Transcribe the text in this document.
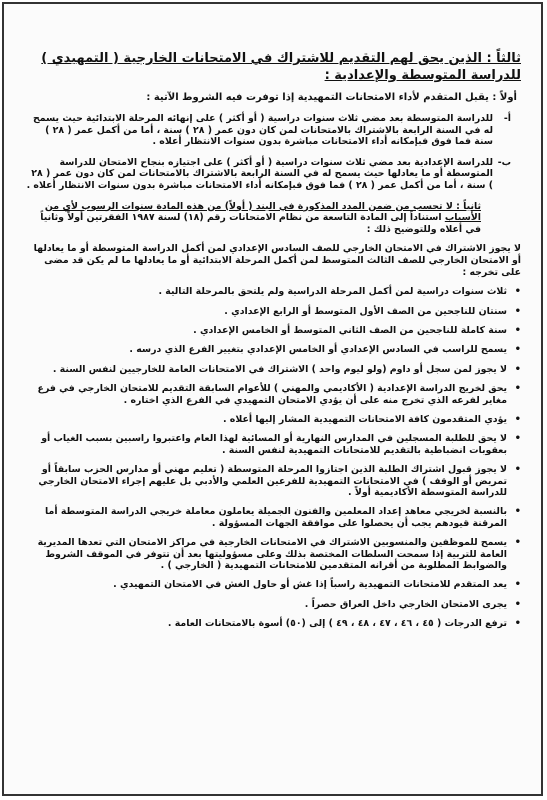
ثالثاً : الذين يحق لهم التقديم للاشتراك في الامتحانات الخارجية ( التمهيدي ) للدراسة المتوسطة والإعدادية :
أولاً : يقبل المتقدم لأداء الامتحانات التمهيدية إذا توفرت فيه الشروط الآتية :
أ-
للدراسة المتوسطة بعد مضي ثلاث سنوات دراسية ( أو أكثر ) على إنهائه المرحلة الابتدائية حيث يسمح له في السنة الرابعة بالاشتراك بالامتحانات لمن كان دون عمر ( ٢٨ ) سنة ، أما من أكمل عمر ( ٢٨ ) سنة فما فوق فبإمكانه أداء الامتحانات مباشرة بدون سنوات الانتظار أعلاه .
ب-
للدراسة الإعدادية بعد مضي ثلاث سنوات دراسية ( أو أكثر ) على اجتيازه بنجاح الامتحان للدراسة المتوسطة أو ما يعادلها حيث يسمح له في السنة الرابعة بالاشتراك بالامتحانات لمن كان دون عمر ( ٢٨ ) سنة ، أما من أكمل عمر ( ٢٨ ) فما فوق فبإمكانه أداء الامتحانات مباشرة بدون سنوات الانتظار أعلاه .
ثانياً : لا تحسب من ضمن المدد المذكورة في البند ( أولاً) من هذه المادة سنوات الرسوب لأي من الأسباب استناداً إلى المادة التاسعة من نظام الامتحانات رقم (١٨) لسنة ١٩٨٧ الفقرتين أولاً وثانياً في أعلاه وللتوضيح ذلك :
لا يجوز الاشتراك في الامتحان الخارجي للصف السادس الإعدادي لمن أكمل الدراسة المتوسطة أو ما يعادلها أو الامتحان الخارجي للصف الثالث المتوسط لمن أكمل المرحلة الابتدائية أو ما يعادلها ما لم يكن قد مضى على تخرجه :
• ثلاث سنوات دراسية لمن أكمل المرحلة الدراسية ولم يلتحق بالمرحلة التالية .
• سنتان للناجحين من الصف الأول المتوسط أو الرابع الإعدادي .
• سنة كاملة للناجحين من الصف الثاني المتوسط أو الخامس الإعدادي .
• يسمح للراسب في السادس الإعدادي أو الخامس الإعدادي بتغيير الفرع الذي درسه .
• لا يجوز لمن سجل أو داوم (ولو ليوم واحد ) الاشتراك في الامتحانات العامة للخارجيين لنفس السنة .
• يحق لخريج الدراسة الإعدادية ( الأكاديمي والمهني ) للأعوام السابقة التقديم للامتحان الخارجي في فرع مغاير لفرعه الذي تخرج منه على أن يؤدي الامتحان التمهيدي في الفرع الذي اختاره .
• يؤدي المتقدمون كافة الامتحانات التمهيدية المشار إليها أعلاه .
• لا يحق للطلبة المسجلين في المدارس النهارية أو المسائية لهذا العام واعتبروا راسبين بسبب الغياب أو بعقوبات انضباطية بالتقديم للامتحانات التمهيدية لنفس السنة .
• لا يجوز قبول اشتراك الطلبة الذين اجتازوا المرحلة المتوسطة ( تعليم مهني أو مدارس الحزب سابقاً أو تمريض أو الوقف ) في الامتحانات التمهيدية للفرعين العلمي والأدبي بل عليهم إجراء الامتحان الخارجي للدراسة المتوسطة الأكاديمية أولاً .
• بالنسبة لخريجي معاهد إعداد المعلمين والفنون الجميلة يعاملون معاملة خريجي الدراسة المتوسطة أما المرقنة قيودهم يجب أن يحصلوا على موافقة الجهات المسؤولة .
• يسمح للموظفين والمنسوبين الاشتراك في الامتحانات الخارجية في مراكز الامتحان التي تعدها المديرية العامة للتربية إذا سمحت السلطات المختصة بذلك وعلى مسؤوليتها بعد أن تتوفر في الموقف الشروط والضوابط المطلوبة من أقرانه المتقدمين للامتحانات التمهيدية ( الخارجي ) .
• يعد المتقدم للامتحانات التمهيدية راسباً إذا غش أو حاول الغش في الامتحان التمهيدي .
• يجرى الامتحان الخارجي داخل العراق حصراً .
• ترفع الدرجات ( ٤٥ ، ٤٦ ، ٤٧ ، ٤٨ ، ٤٩ ) إلى (٥٠) أسوة بالامتحانات العامة .
